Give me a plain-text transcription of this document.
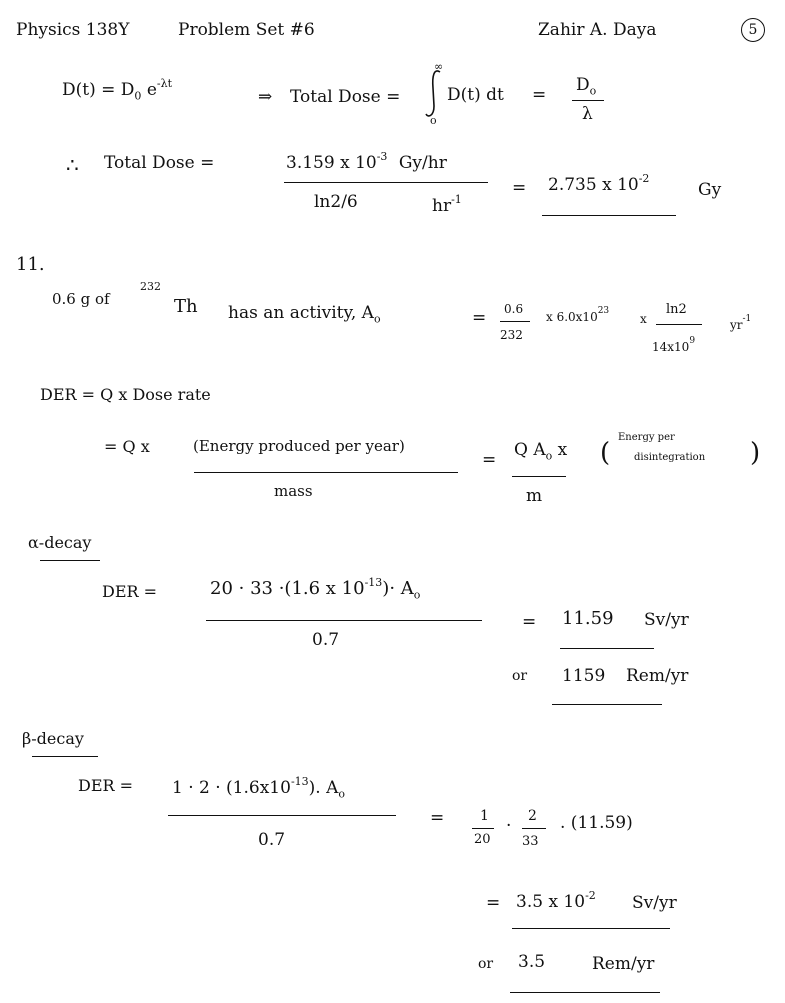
Physics 138Y	Problem Set #6	Zahir A. Daya	5
$D(t) = D_0$ $e^{-\lambda t}$
⇒ Total Dose =
∞
o
D(t) dt = $D_o$
λ
∴ Total Dose =	3.159 x $10^{-3}$ Gy/hr
ln2/6	$hr^{-1}$
= 2.735 x $10^{-2}$
Gy
11.
0.6 g of
232
Th has an activity, $A_o$	= 0.6
232
x $6.0x10^{23}$
x
ln2
$14x10^9$
$yr^{-1}$
DER = Q x Dose rate
= Q x	(Energy produced per year)
mass
= Q $A_o$ x
m
(
Energy per
disintegration )
α-decay
DER =	20 · 33 ·(1.6 x $10^{-13})\cdot A_o$
0.7
= 11.59 Sv/yr
or 1159 Rem/yr
β-decay
DER = $1 \cdot 2 \cdot (1.6x10^{-13})$. $A_o$
0.7
=	1
20
· 2
33
. (11.59)
= 3.5 x $10^{-2}$ Sv/yr
or 3.5	Rem/yr
